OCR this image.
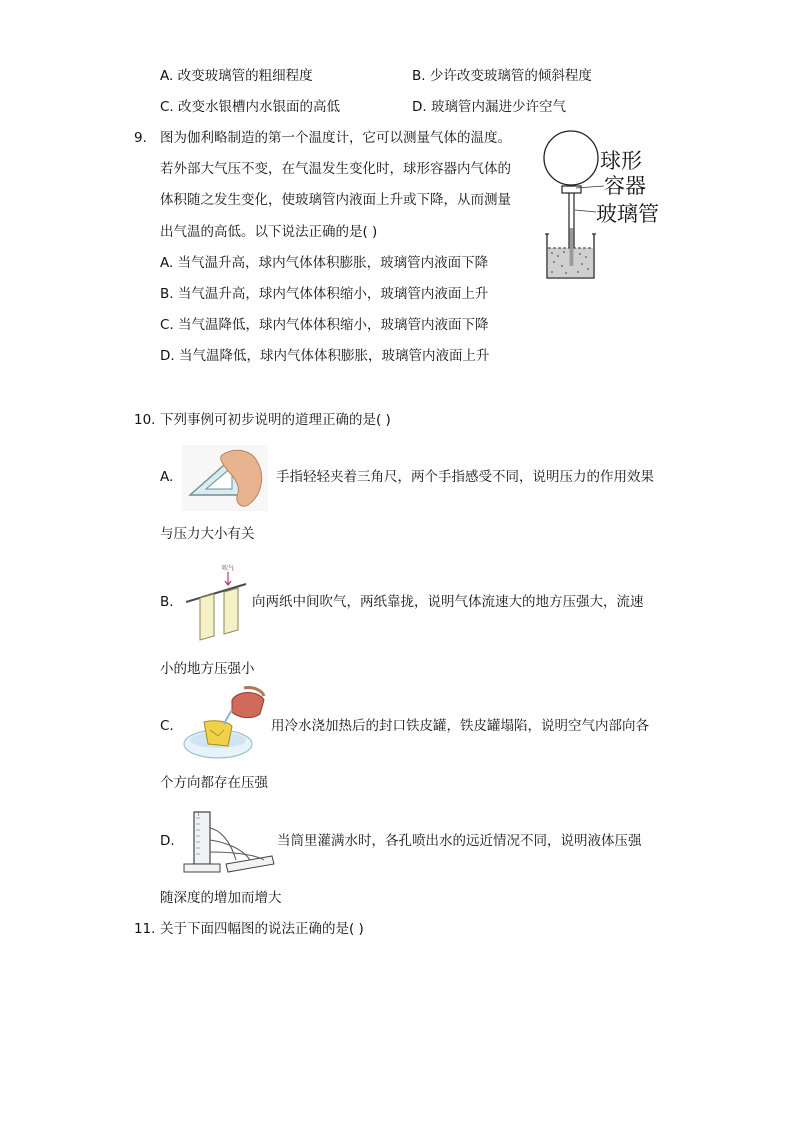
A. 改变玻璃管的粗细程度	B. 少许改变玻璃管的倾斜程度
C. 改变水银槽内水银面的高低	D. 玻璃管内漏进少许空气
9. 图为伽利略制造的第一个温度计，它可以测量气体的温度。
若外部大气压不变，在气温发生变化时，球形容器内气体的
体积随之发生变化，使玻璃管内液面上升或下降，从而测量
出气温的高低。以下说法正确的是( )
A. 当气温升高，球内气体体积膨胀，玻璃管内液面下降
B. 当气温升高，球内气体体积缩小，玻璃管内液面上升
C. 当气温降低，球内气体体积缩小，玻璃管内液面下降
D. 当气温降低，球内气体体积膨胀，玻璃管内液面上升
球形
容器
玻璃管
10. 下列事例可初步说明的道理正确的是( )
A.	手指轻轻夹着三角尺，两个手指感受不同，说明压力的作用效果
与压力大小有关
B.
吹气
向两纸中间吹气，两纸靠拢，说明气体流速大的地方压强大，流速
小的地方压强小
C.	用冷水浇加热后的封口铁皮罐，铁皮罐塌陷，说明空气内部向各
个方向都存在压强
D.
I
当筒里灌满水时，各孔喷出水的远近情况不同，说明液体压强
随深度的增加而增大
11. 关于下面四幅图的说法正确的是( )
